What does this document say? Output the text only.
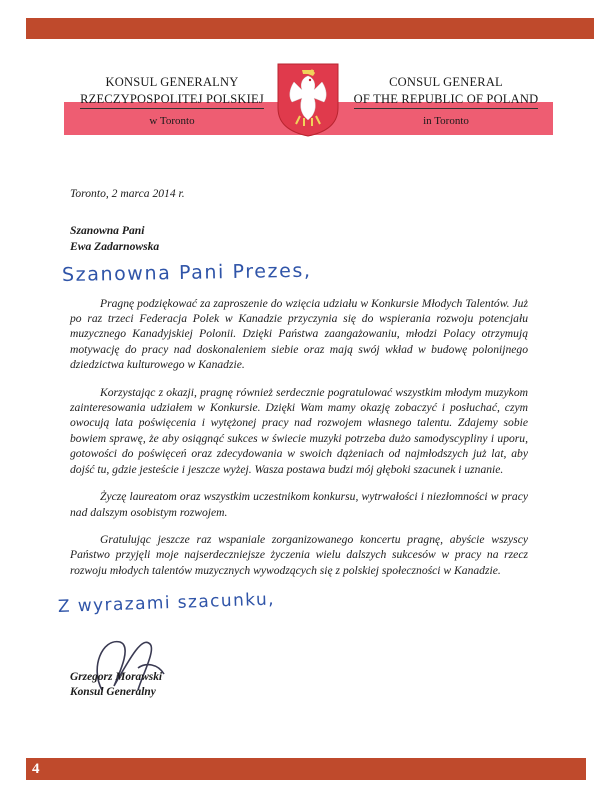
KONSUL GENERALNY
RZECZYPOSPOLITEJ POLSKIEJ
w Toronto
CONSUL GENERAL
OF THE REPUBLIC OF POLAND
in Toronto

Toronto, 2 marca 2014 r.

Szanowna Pani

Ewa Zadarnowska

Szanowna Pani Prezes,

Pragnę podziękować za zaproszenie do wzięcia udziału w Konkursie Młodych Talentów. Już po raz trzeci Federacja Polek w Kanadzie przyczynia się do wspierania rozwoju potencjału muzycznego Kanadyjskiej Polonii. Dzięki Państwa zaangażowaniu, młodzi Polacy otrzymują motywację do pracy nad doskonaleniem siebie oraz mają swój wkład w budowę polonijnego dziedzictwa kulturowego w Kanadzie.

Korzystając z okazji, pragnę również serdecznie pogratulować wszystkim młodym muzykom zainteresowania udziałem w Konkursie. Dzięki Wam mamy okazję zobaczyć i posłuchać, czym owocują lata poświęcenia i wytężonej pracy nad rozwojem własnego talentu. Zdajemy sobie bowiem sprawę, że aby osiągnąć sukces w świecie muzyki potrzeba dużo samodyscypliny i uporu, gotowości do poświęceń oraz zdecydowania w swoich dążeniach od najmłodszych już lat, aby dojść tu, gdzie jesteście i jeszcze wyżej. Wasza postawa budzi mój głęboki szacunek i uznanie.

Życzę laureatom oraz wszystkim uczestnikom konkursu, wytrwałości i niezłomności w pracy nad dalszym osobistym rozwojem.

Gratulując jeszcze raz wspaniale zorganizowanego koncertu pragnę, abyście wszyscy Państwo przyjęli moje najserdeczniejsze życzenia wielu dalszych sukcesów w pracy na rzecz rozwoju młodych talentów muzycznych wywodzących się z polskiej społeczności w Kanadzie.

Z wyrazami szacunku,
Grzegorz Morawski
Konsul Generalny
4
